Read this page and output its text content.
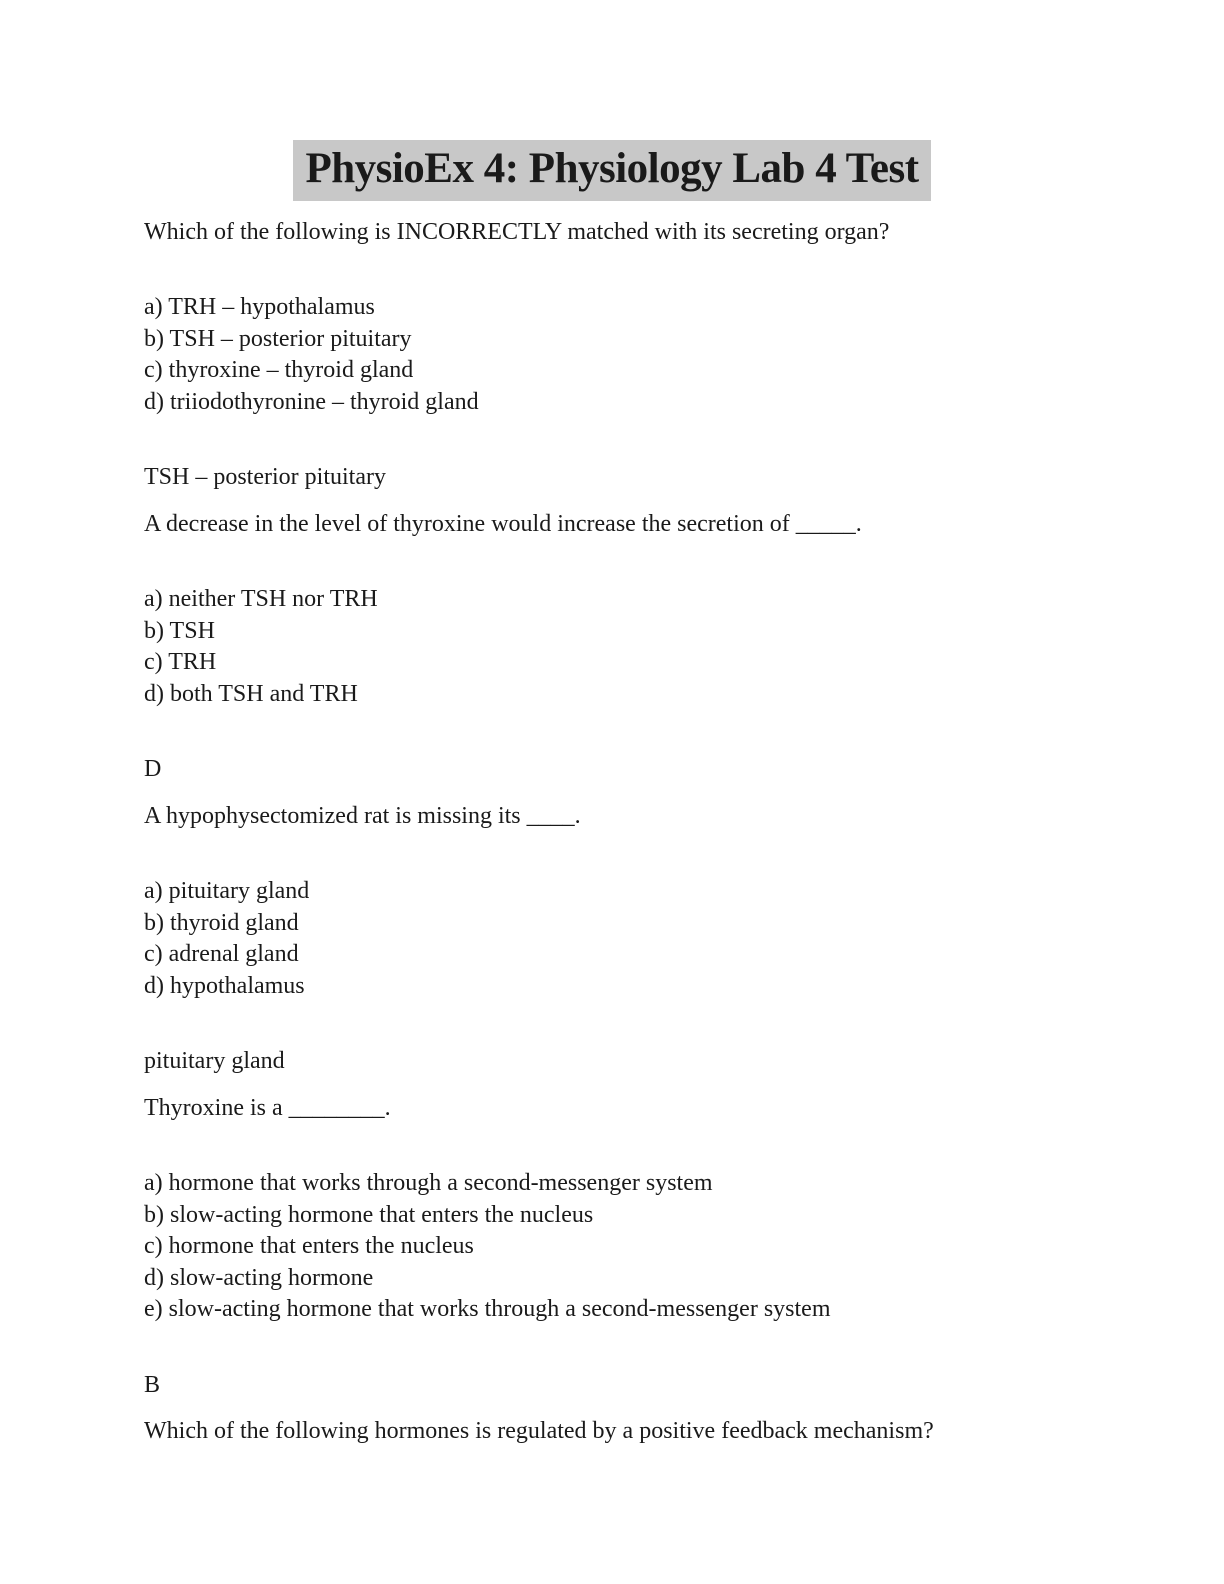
PhysioEx 4: Physiology Lab 4 Test

Which of the following is INCORRECTLY matched with its secreting organ?

a) TRH – hypothalamus
b) TSH – posterior pituitary
c) thyroxine – thyroid gland
d) triiodothyronine – thyroid gland

TSH – posterior pituitary

A decrease in the level of thyroxine would increase the secretion of _____.

a) neither TSH nor TRH
b) TSH
c) TRH
d) both TSH and TRH

D

A hypophysectomized rat is missing its ____.

a) pituitary gland
b) thyroid gland
c) adrenal gland
d) hypothalamus

pituitary gland

Thyroxine is a ________.

a) hormone that works through a second-messenger system
b) slow-acting hormone that enters the nucleus
c) hormone that enters the nucleus
d) slow-acting hormone
e) slow-acting hormone that works through a second-messenger system

B

Which of the following hormones is regulated by a positive feedback mechanism?
